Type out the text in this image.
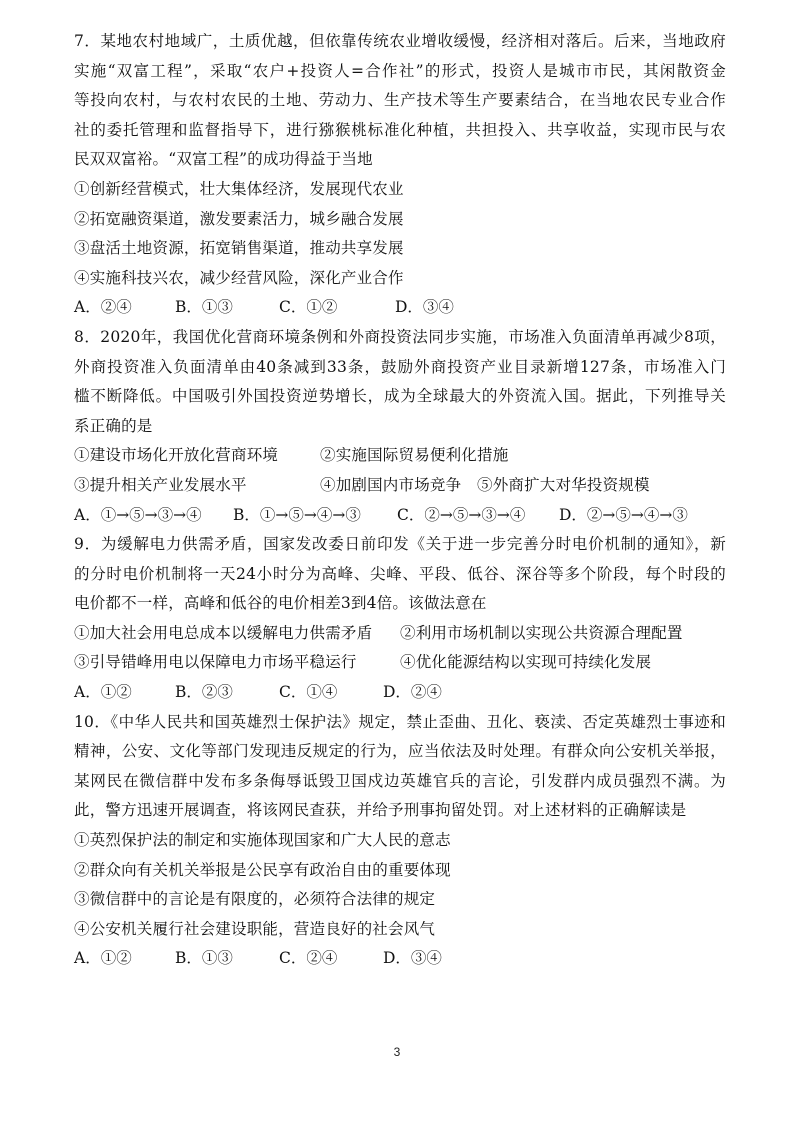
7．某地农村地域广，土质优越，但依靠传统农业增收缓慢，经济相对落后。后来，当地政府
实施“双富工程”，采取“农户+投资人=合作社”的形式，投资人是城市市民，其闲散资金
等投向农村，与农村农民的土地、劳动力、生产技术等生产要素结合，在当地农民专业合作
社的委托管理和监督指导下，进行猕猴桃标准化种植，共担投入、共享收益，实现市民与农
民双双富裕。“双富工程”的成功得益于当地
①创新经营模式，壮大集体经济，发展现代农业
②拓宽融资渠道，激发要素活力，城乡融合发展
③盘活土地资源，拓宽销售渠道，推动共享发展
④实施科技兴农，减少经营风险，深化产业合作
A．②④	B．①③	C．①②	D．③④
8．2020年，我国优化营商环境条例和外商投资法同步实施，市场准入负面清单再减少8项，
外商投资准入负面清单由40条减到33条，鼓励外商投资产业目录新增127条，市场准入门
槛不断降低。中国吸引外国投资逆势增长，成为全球最大的外资流入国。据此，下列推导关
系正确的是
①建设市场化开放化营商环境	②实施国际贸易便利化措施
③提升相关产业发展水平	④加剧国内市场竞争	⑤外商扩大对华投资规模
A．①→⑤→③→④	B．①→⑤→④→③	C．②→⑤→③→④	D．②→⑤→④→③
9．为缓解电力供需矛盾，国家发改委日前印发《关于进一步完善分时电价机制的通知》，新
的分时电价机制将一天24小时分为高峰、尖峰、平段、低谷、深谷等多个阶段，每个时段的
电价都不一样，高峰和低谷的电价相差3到4倍。该做法意在
①加大社会用电总成本以缓解电力供需矛盾	②利用市场机制以实现公共资源合理配置
③引导错峰用电以保障电力市场平稳运行	④优化能源结构以实现可持续化发展
A．①②	B．②③	C．①④	D．②④
10．《中华人民共和国英雄烈士保护法》规定，禁止歪曲、丑化、亵渎、否定英雄烈士事迹和
精神，公安、文化等部门发现违反规定的行为，应当依法及时处理。有群众向公安机关举报，
某网民在微信群中发布多条侮辱诋毁卫国戍边英雄官兵的言论，引发群内成员强烈不满。为
此，警方迅速开展调查，将该网民查获，并给予刑事拘留处罚。对上述材料的正确解读是
①英烈保护法的制定和实施体现国家和广大人民的意志
②群众向有关机关举报是公民享有政治自由的重要体现
③微信群中的言论是有限度的，必须符合法律的规定
④公安机关履行社会建设职能，营造良好的社会风气
A．①②	B．①③	C．②④	D．③④
3
